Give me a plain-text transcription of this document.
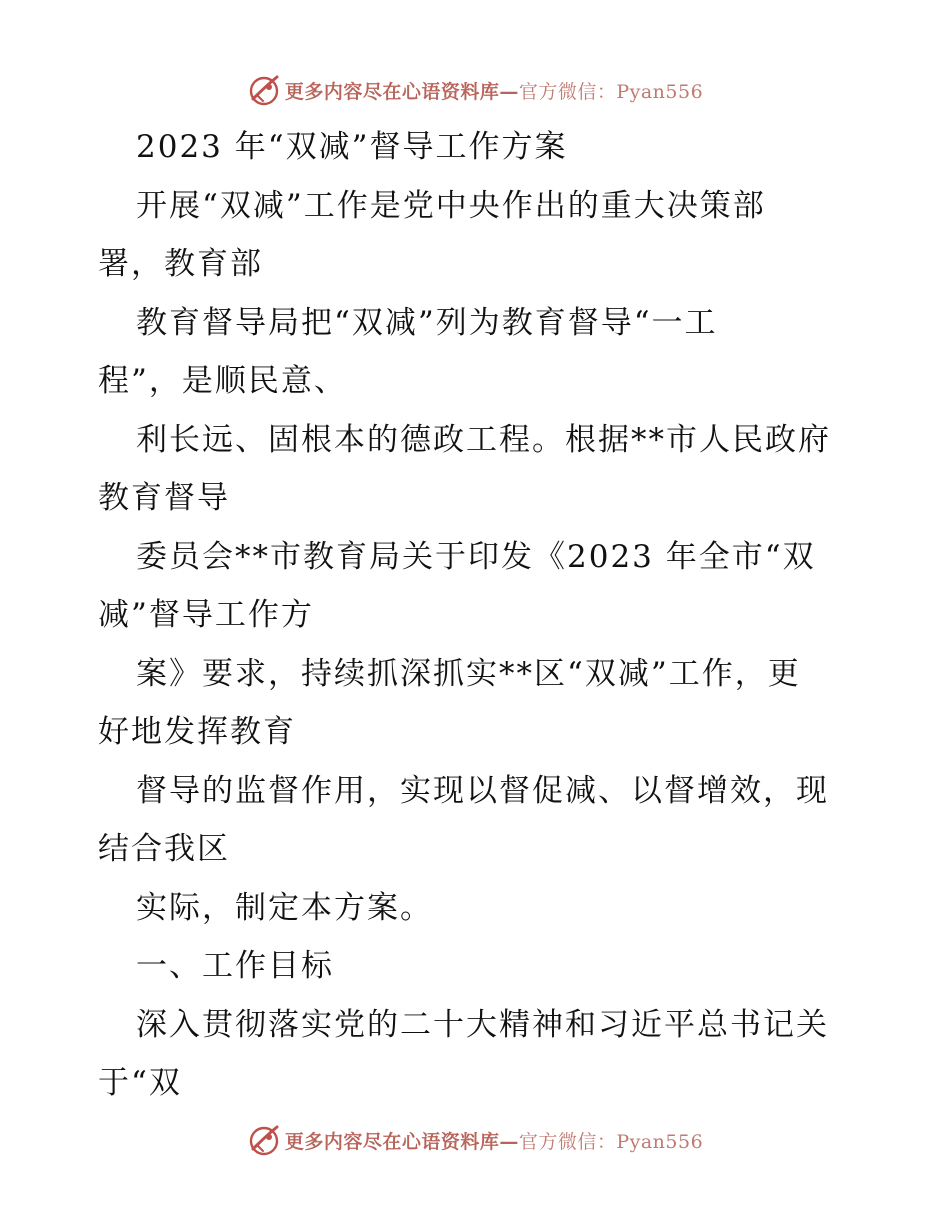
更多内容尽在心语资料库—官方微信：Pyan556
2023 年“双减”督导工作方案
开展“双减”工作是党中央作出的重大决策部
署，教育部
教育督导局把“双减”列为教育督导“一工
程”，是顺民意、
利长远、固根本的德政工程。根据**市人民政府
教育督导
委员会**市教育局关于印发《2023 年全市“双
减”督导工作方
案》要求，持续抓深抓实**区“双减”工作，更
好地发挥教育
督导的监督作用，实现以督促减、以督增效，现
结合我区
实际，制定本方案。
一、工作目标
深入贯彻落实党的二十大精神和习近平总书记关
于“双
更多内容尽在心语资料库—官方微信：Pyan556
